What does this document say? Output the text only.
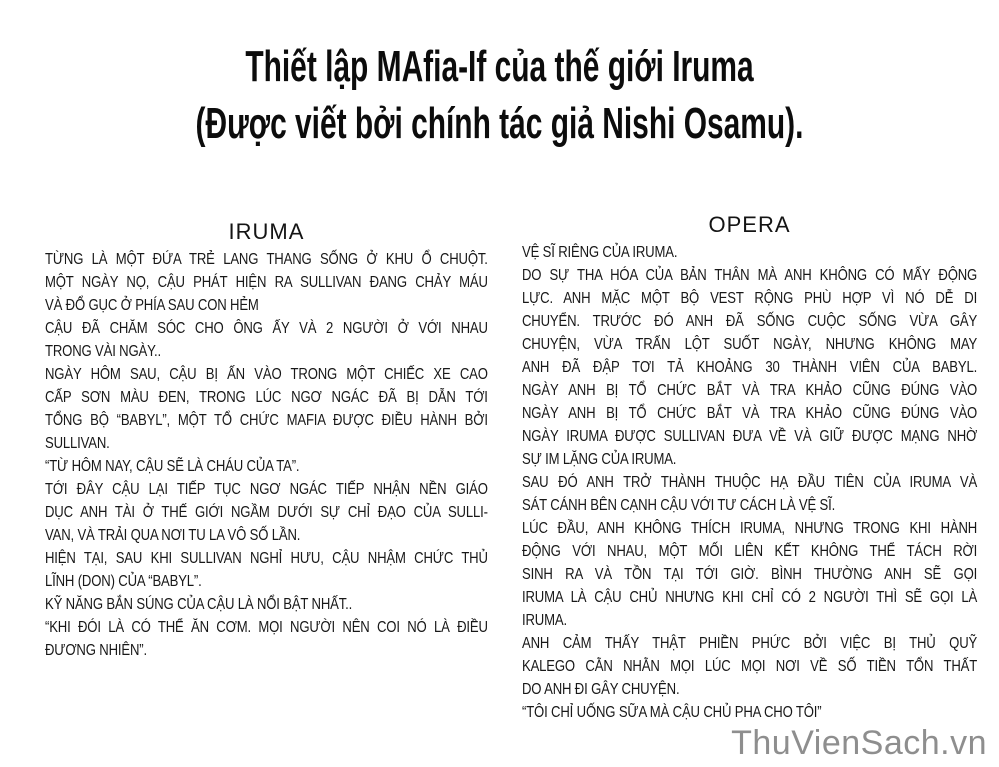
Thiết lập MAfia-If của thế giới Iruma
(Được viết bởi chính tác giả Nishi Osamu).
IRUMA
TỪNG LÀ MỘT ĐỨA TRẺ LANG THANG SỐNG Ở KHU Ổ CHUỘT.
MỘT NGÀY NỌ, CẬU PHÁT HIỆN RA SULLIVAN ĐANG CHẢY MÁU
VÀ ĐỔ GỤC Ở PHÍA SAU CON HẺM
CẬU ĐÃ CHĂM SÓC CHO ÔNG ẤY VÀ 2 NGƯỜI Ở VỚI NHAU
TRONG VÀI NGÀY..
NGÀY HÔM SAU, CẬU BỊ ẤN VÀO TRONG MỘT CHIẾC XE CAO
CẤP SƠN MÀU ĐEN, TRONG LÚC NGƠ NGÁC ĐÃ BỊ DẪN TỚI
TỔNG BỘ “BABYL”, MỘT TỔ CHỨC MAFIA ĐƯỢC ĐIỀU HÀNH BỞI
SULLIVAN.
“TỪ HÔM NAY, CẬU SẼ LÀ CHÁU CỦA TA”.
TỚI ĐÂY CẬU LẠI TIẾP TỤC NGƠ NGÁC TIẾP NHẬN NỀN GIÁO
DỤC ANH TÀI Ở THẾ GIỚI NGẦM DƯỚI SỰ CHỈ ĐẠO CỦA SULLI-
VAN, VÀ TRẢI QUA NƠI TU LA VÔ SỐ LẦN.
HIỆN TẠI, SAU KHI SULLIVAN NGHỈ HƯU, CẬU NHẬM CHỨC THỦ
LĨNH (DON) CỦA “BABYL”.
KỸ NĂNG BẮN SÚNG CỦA CẬU LÀ NỔI BẬT NHẤT..
“KHI ĐÓI LÀ CÓ THỂ ĂN CƠM. MỌI NGƯỜI NÊN COI NÓ LÀ ĐIỀU
ĐƯƠNG NHIÊN”.
OPERA
VỆ SĨ RIÊNG CỦA IRUMA.
DO SỰ THA HÓA CỦA BẢN THÂN MÀ ANH KHÔNG CÓ MẤY ĐỘNG
LỰC. ANH MẶC MỘT BỘ VEST RỘNG PHÙ HỢP VÌ NÓ DỄ DI
CHUYỂN. TRƯỚC ĐÓ ANH ĐÃ SỐNG CUỘC SỐNG VỪA GÂY
CHUYỆN, VỪA TRẤN LỘT SUỐT NGÀY, NHƯNG KHÔNG MAY
ANH ĐÃ ĐẬP TƠI TẢ KHOẢNG 30 THÀNH VIÊN CỦA BABYL.
NGÀY ANH BỊ TỔ CHỨC BẮT VÀ TRA KHẢO CŨNG ĐÚNG VÀO
NGÀY ANH BỊ TỔ CHỨC BẮT VÀ TRA KHẢO CŨNG ĐÚNG VÀO
NGÀY IRUMA ĐƯỢC SULLIVAN ĐƯA VỀ VÀ GIỮ ĐƯỢC MẠNG NHỜ
SỰ IM LẶNG CỦA IRUMA.
SAU ĐÓ ANH TRỞ THÀNH THUỘC HẠ ĐẦU TIÊN CỦA IRUMA VÀ
SÁT CÁNH BÊN CẠNH CẬU VỚI TƯ CÁCH LÀ VỆ SĨ.
LÚC ĐẦU, ANH KHÔNG THÍCH IRUMA, NHƯNG TRONG KHI HÀNH
ĐỘNG VỚI NHAU, MỘT MỐI LIÊN KẾT KHÔNG THỂ TÁCH RỜI
SINH RA VÀ TỒN TẠI TỚI GIỜ. BÌNH THƯỜNG ANH SẼ GỌI
IRUMA LÀ CẬU CHỦ NHƯNG KHI CHỈ CÓ 2 NGƯỜI THÌ SẼ GỌI LÀ
IRUMA.
ANH CẢM THẤY THẬT PHIỀN PHỨC BỞI VIỆC BỊ THỦ QUỸ
KALEGO CẰN NHẰN MỌI LÚC MỌI NƠI VỀ SỐ TIỀN TỔN THẤT
DO ANH ĐI GÂY CHUYỆN.
“TÔI CHỈ UỐNG SỮA MÀ CẬU CHỦ PHA CHO TÔI”
ThuVienSach.vn
